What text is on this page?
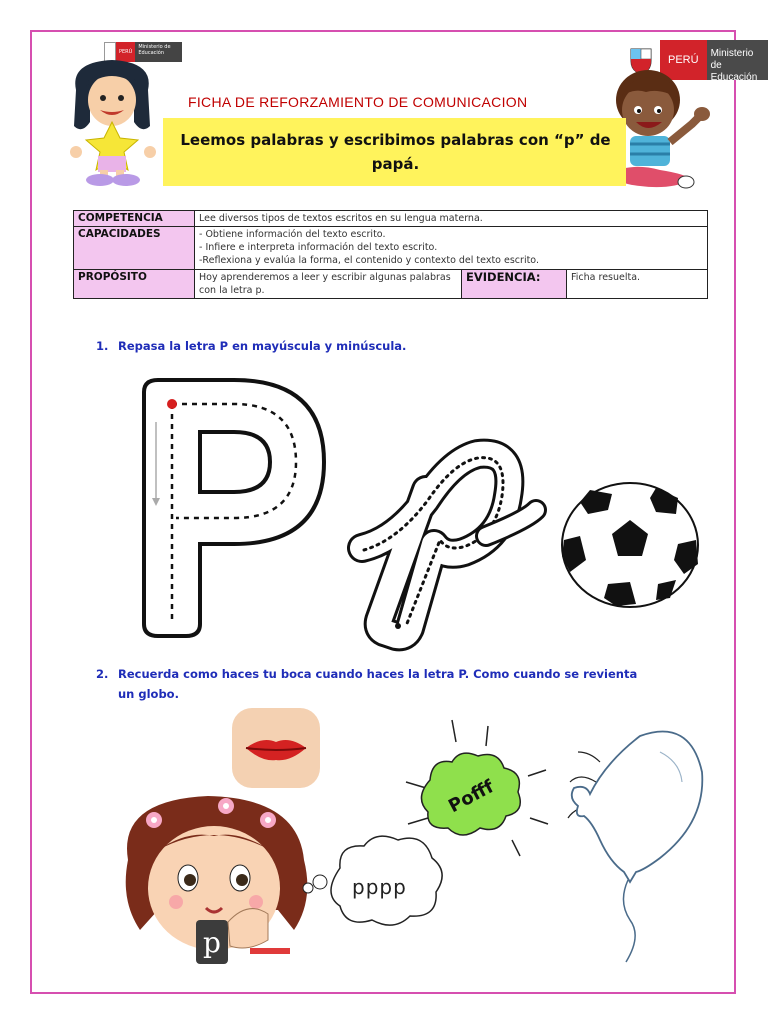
PERÚ
Ministerio de Educación
PERÚ
Ministerio
de Educación
FICHA DE REFORZAMIENTO DE COMUNICACION
Leemos palabras y escribimos palabras con “p” de papá.
COMPETENCIA	Lee diversos tipos de textos escritos en su lengua materna.		
CAPACIDADES	- Obtiene información del texto escrito.
- Infiere e interpreta información del texto escrito.
-Reflexiona y evalúa la forma, el contenido y contexto del texto escrito.		

PROPÓSITO	Hoy aprenderemos a leer y escribir algunas palabras con la letra p.	EVIDENCIA:	Ficha resuelta.
1. Repasa la letra P en mayúscula y minúscula.
2. Recuerda como haces tu boca cuando haces la letra P. Como cuando se revienta
un globo.
p
pppp
Pofff
